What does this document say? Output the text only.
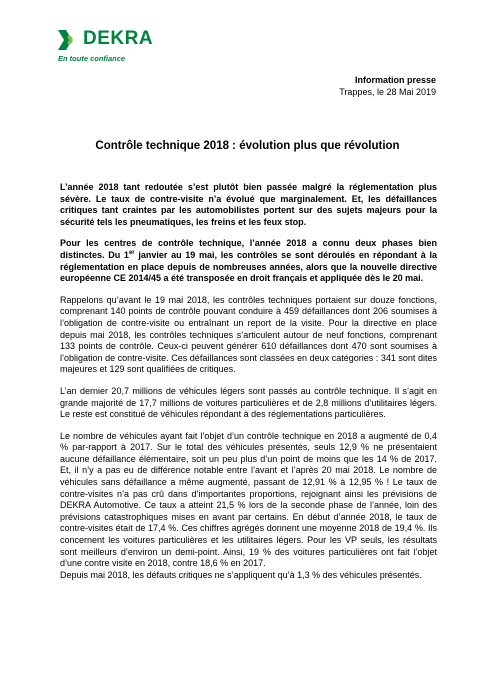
DEKRA
En toute confiance
Information presse
Trappes, le 28 Mai 2019
Contrôle technique 2018 : évolution plus que révolution

L’année 2018 tant redoutée s’est plutôt bien passée malgré la réglementation plus sévère. Le taux de contre-visite n’a évolué que marginalement. Et, les défaillances critiques tant craintes par les automobilistes portent sur des sujets majeurs pour la sécurité tels les pneumatiques, les freins et les feux stop.

Pour les centres de contrôle technique, l’année 2018 a connu deux phases bien distinctes. Du 1er janvier au 19 mai, les contrôles se sont déroulés en répondant à la réglementation en place depuis de nombreuses années, alors que la nouvelle directive européenne CE 2014/45 a été transposée en droit français et appliquée dès le 20 mai.

Rappelons qu’avant le 19 mai 2018, les contrôles techniques portaient sur douze fonctions, comprenant 140 points de contrôle pouvant conduire à 459 défaillances dont 206 soumises à l’obligation de contre-visite ou entraînant un report de la visite. Pour la directive en place depuis mai 2018, les contrôles techniques s’articulent autour de neuf fonctions, comprenant 133 points de contrôle. Ceux-ci peuvent générer 610 défaillances dont 470 sont soumises à l’obligation de contre-visite. Ces défaillances sont classées en deux catégories : 341 sont dites majeures et 129 sont qualifiées de critiques.

L’an dernier 20,7 millions de véhicules légers sont passés au contrôle technique. Il s’agit en grande majorité de 17,7 millions de voitures particulières et de 2,8 millions d’utilitaires légers. Le reste est constitué de véhicules répondant à des réglementations particulières.

Le nombre de véhicules ayant fait l’objet d’un contrôle technique en 2018 a augmenté de 0,4 % par-rapport à 2017. Sur le total des véhicules présentés, seuls 12,9 % ne présentaient aucune défaillance élémentaire, soit un peu plus d’un point de moins que les 14 % de 2017. Et, il n’y a pas eu de différence notable entre l’avant et l’après 20 mai 2018. Le nombre de véhicules sans défaillance a même augmenté, passant de 12,91 % à 12,95 % ! Le taux de contre-visites n’a pas crû dans d’importantes proportions, rejoignant ainsi les prévisions de DEKRA Automotive. Ce taux a atteint 21,5 % lors de la seconde phase de l’année, loin des prévisions catastrophiques mises en avant par certains. En début d’année 2018, le taux de contre-visites était de 17,4 %. Ces chiffres agrégés donnent une moyenne 2018 de 19,4 %. Ils concernent les voitures particulières et les utilitaires légers. Pour les VP seuls, les résultats sont meilleurs d’environ un demi-point. Ainsi, 19 % des voitures particulières ont fait l’objet d’une contre visite en 2018, contre 18,6 % en 2017.

Depuis mai 2018, les défauts critiques ne s’appliquent qu’à 1,3 % des véhicules présentés.
